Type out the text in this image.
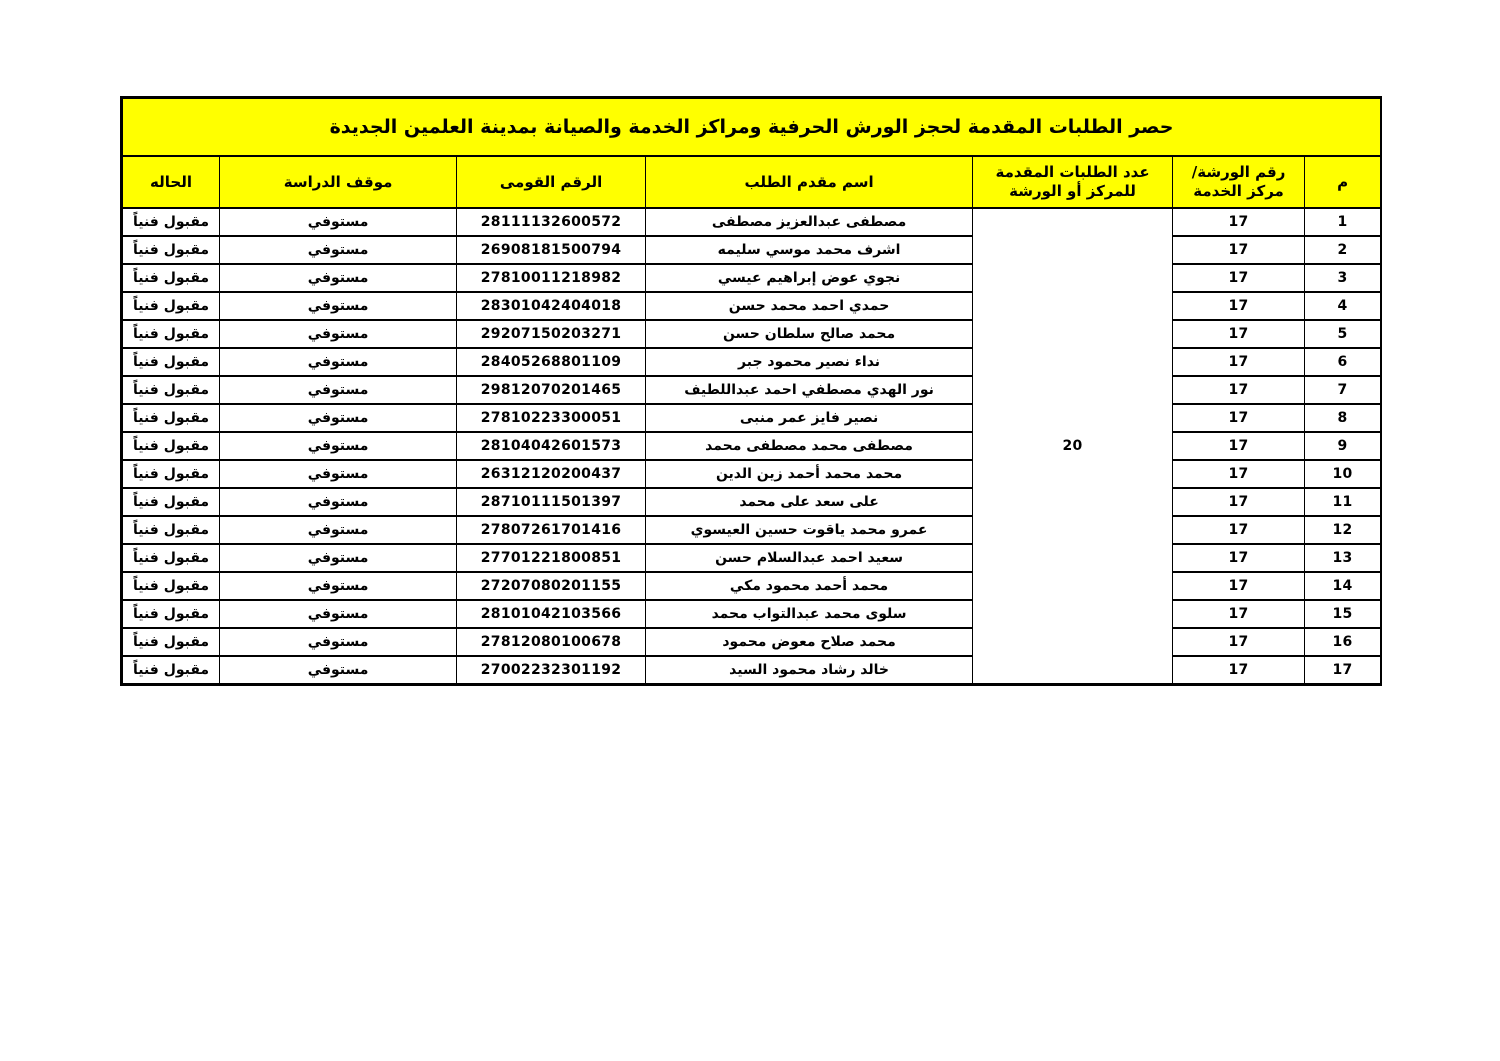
حصر الطلبات المقدمة لحجز الورش الحرفية ومراكز الخدمة والصيانة بمدينة العلمين الجديدة						
م	رقم الورشة/ مركز الخدمة	عدد الطلبات المقدمة للمركز أو الورشة	اسم مقدم الطلب	الرقم القومى	موقف الدراسة	الحاله
1	17	20	مصطفى عبدالعزيز مصطفى	28111132600572	مستوفي	مقبول فنياً
2	17		اشرف محمد موسي سليمه	26908181500794	مستوفي	مقبول فنياً
3	17		نجوي عوض إبراهيم عيسي	27810011218982	مستوفي	مقبول فنياً
4	17		حمدي احمد محمد حسن	28301042404018	مستوفي	مقبول فنياً
5	17		محمد صالح سلطان حسن	29207150203271	مستوفي	مقبول فنياً
6	17		نداء نصير محمود جبر	28405268801109	مستوفي	مقبول فنياً
7	17		نور الهدي مصطفي احمد عبداللطيف	29812070201465	مستوفي	مقبول فنياً
8	17		نصير فايز عمر منبى	27810223300051	مستوفي	مقبول فنياً
9	17		مصطفى محمد مصطفى محمد	28104042601573	مستوفي	مقبول فنياً
10	17		محمد محمد أحمد زين الدين	26312120200437	مستوفي	مقبول فنياً
11	17		على سعد على محمد	28710111501397	مستوفي	مقبول فنياً
12	17		عمرو محمد ياقوت حسين العيسوي	27807261701416	مستوفي	مقبول فنياً
13	17		سعيد احمد عبدالسلام حسن	27701221800851	مستوفي	مقبول فنياً
14	17		محمد أحمد محمود مكي	27207080201155	مستوفي	مقبول فنياً
15	17		سلوى محمد عبدالتواب محمد	28101042103566	مستوفي	مقبول فنياً
16	17		محمد صلاح معوض محمود	27812080100678	مستوفي	مقبول فنياً
17	17		خالد رشاد محمود السيد	27002232301192	مستوفي	مقبول فنياً
